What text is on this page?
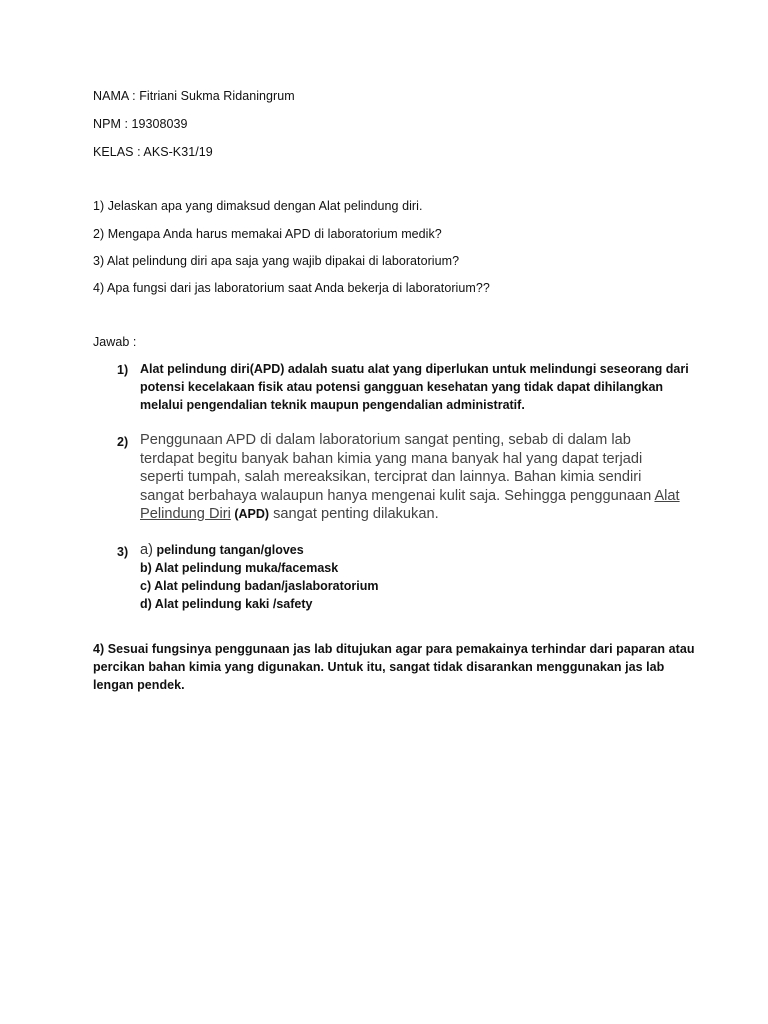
NAMA : Fitriani Sukma Ridaningrum
NPM : 19308039
KELAS : AKS-K31/19
1) Jelaskan apa yang dimaksud dengan Alat pelindung diri.
2) Mengapa Anda harus memakai APD di laboratorium medik?
3) Alat pelindung diri apa saja yang wajib dipakai di laboratorium?
4) Apa fungsi dari jas laboratorium saat Anda bekerja di laboratorium??
Jawab :
1) Alat pelindung diri(APD) adalah suatu alat yang diperlukan untuk melindungi seseorang dari
potensi kecelakaan fisik atau potensi gangguan kesehatan yang tidak dapat dihilangkan
melalui pengendalian teknik maupun pengendalian administratif.
2) Penggunaan APD di dalam laboratorium sangat penting, sebab di dalam lab
terdapat begitu banyak bahan kimia yang mana banyak hal yang dapat terjadi
seperti tumpah, salah mereaksikan, terciprat dan lainnya. Bahan kimia sendiri
sangat berbahaya walaupun hanya mengenai kulit saja. Sehingga penggunaan Alat
Pelindung Diri (APD) sangat penting dilakukan.
3) a) pelindung tangan/gloves
b) Alat pelindung muka/facemask
c) Alat pelindung badan/jaslaboratorium
d) Alat pelindung kaki /safety
4) Sesuai fungsinya penggunaan jas lab ditujukan agar para pemakainya terhindar dari paparan atau
percikan bahan kimia yang digunakan. Untuk itu, sangat tidak disarankan menggunakan jas lab
lengan pendek.
